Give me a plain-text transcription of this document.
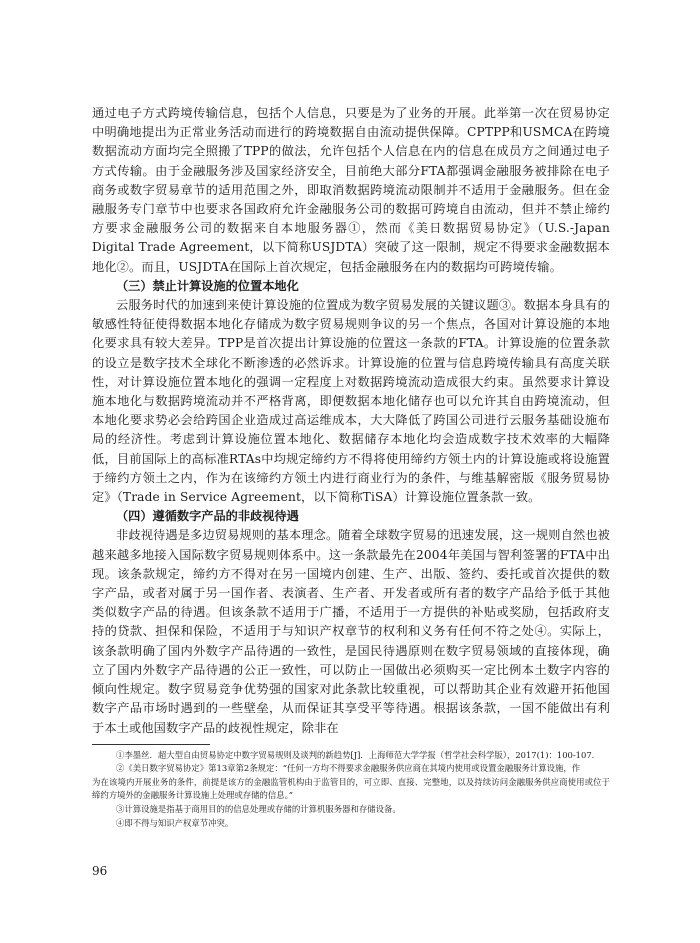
通过电子方式跨境传输信息，包括个人信息，只要是为了业务的开展。此举第一次在贸易协定中明确地提出为正常业务活动而进行的跨境数据自由流动提供保障。CPTPP和USMCA在跨境数据流动方面均完全照搬了TPP的做法，允许包括个人信息在内的信息在成员方之间通过电子方式传输。由于金融服务涉及国家经济安全，目前绝大部分FTA都强调金融服务被排除在电子商务或数字贸易章节的适用范围之外，即取消数据跨境流动限制并不适用于金融服务。但在金融服务专门章节中也要求各国政府允许金融服务公司的数据可跨境自由流动，但并不禁止缔约方要求金融服务公司的数据来自本地服务器①，然而《美日数据贸易协定》（U.S.-Japan Digital Trade Agreement，以下简称USJDTA）突破了这一限制，规定不得要求金融数据本地化②。而且，USJDTA在国际上首次规定，包括金融服务在内的数据均可跨境传输。

（三）禁止计算设施的位置本地化

云服务时代的加速到来使计算设施的位置成为数字贸易发展的关键议题③。数据本身具有的敏感性特征使得数据本地化存储成为数字贸易规则争议的另一个焦点，各国对计算设施的本地化要求具有较大差异。TPP是首次提出计算设施的位置这一条款的FTA。计算设施的位置条款的设立是数字技术全球化不断渗透的必然诉求。计算设施的位置与信息跨境传输具有高度关联性，对计算设施位置本地化的强调一定程度上对数据跨境流动造成很大约束。虽然要求计算设施本地化与数据跨境流动并不严格背离，即便数据本地化储存也可以允许其自由跨境流动，但本地化要求势必会给跨国企业造成过高运维成本，大大降低了跨国公司进行云服务基础设施布局的经济性。考虑到计算设施位置本地化、数据储存本地化均会造成数字技术效率的大幅降低，目前国际上的高标准RTAs中均规定缔约方不得将使用缔约方领土内的计算设施或将设施置于缔约方领土之内，作为在该缔约方领土内进行商业行为的条件，与维基解密版《服务贸易协定》（Trade in Service Agreement，以下简称TiSA）计算设施位置条款一致。

（四）遵循数字产品的非歧视待遇

非歧视待遇是多边贸易规则的基本理念。随着全球数字贸易的迅速发展，这一规则自然也被越来越多地接入国际数字贸易规则体系中。这一条款最先在2004年美国与智利签署的FTA中出现。该条款规定，缔约方不得对在另一国境内创建、生产、出版、签约、委托或首次提供的数字产品，或者对属于另一国作者、表演者、生产者、开发者或所有者的数字产品给予低于其他类似数字产品的待遇。但该条款不适用于广播，不适用于一方提供的补贴或奖励，包括政府支持的贷款、担保和保险，不适用于与知识产权章节的权利和义务有任何不符之处④。实际上，该条款明确了国内外数字产品待遇的一致性，是国民待遇原则在数字贸易领域的直接体现，确立了国内外数字产品待遇的公正一致性，可以防止一国做出必须购买一定比例本土数字内容的倾向性规定。数字贸易竞争优势强的国家对此条款比较重视，可以帮助其企业有效避开拓他国数字产品市场时遇到的一些壁垒，从而保证其享受平等待遇。根据该条款，一国不能做出有利于本土或他国数字产品的歧视性规定，除非在

①李墨丝．超大型自由贸易协定中数字贸易规则及谈判的新趋势[J]．上海师范大学学报（哲学社会科学版），2017(1)：100-107.

②《美日数字贸易协定》第13章第2条规定：“任何一方均不得要求金融服务供应商在其境内使用或设置金融服务计算设施，作

为在该境内开展业务的条件，前提是该方的金融监管机构由于监管目的，可立即、直接、完整地，以及持续访问金融服务供应商使用或位于缔约方境外的金融服务计算设施上处理或存储的信息。”

③计算设施是指基于商用目的的信息处理或存储的计算机服务器和存储设备。

④即不得与知识产权章节冲突。

96
